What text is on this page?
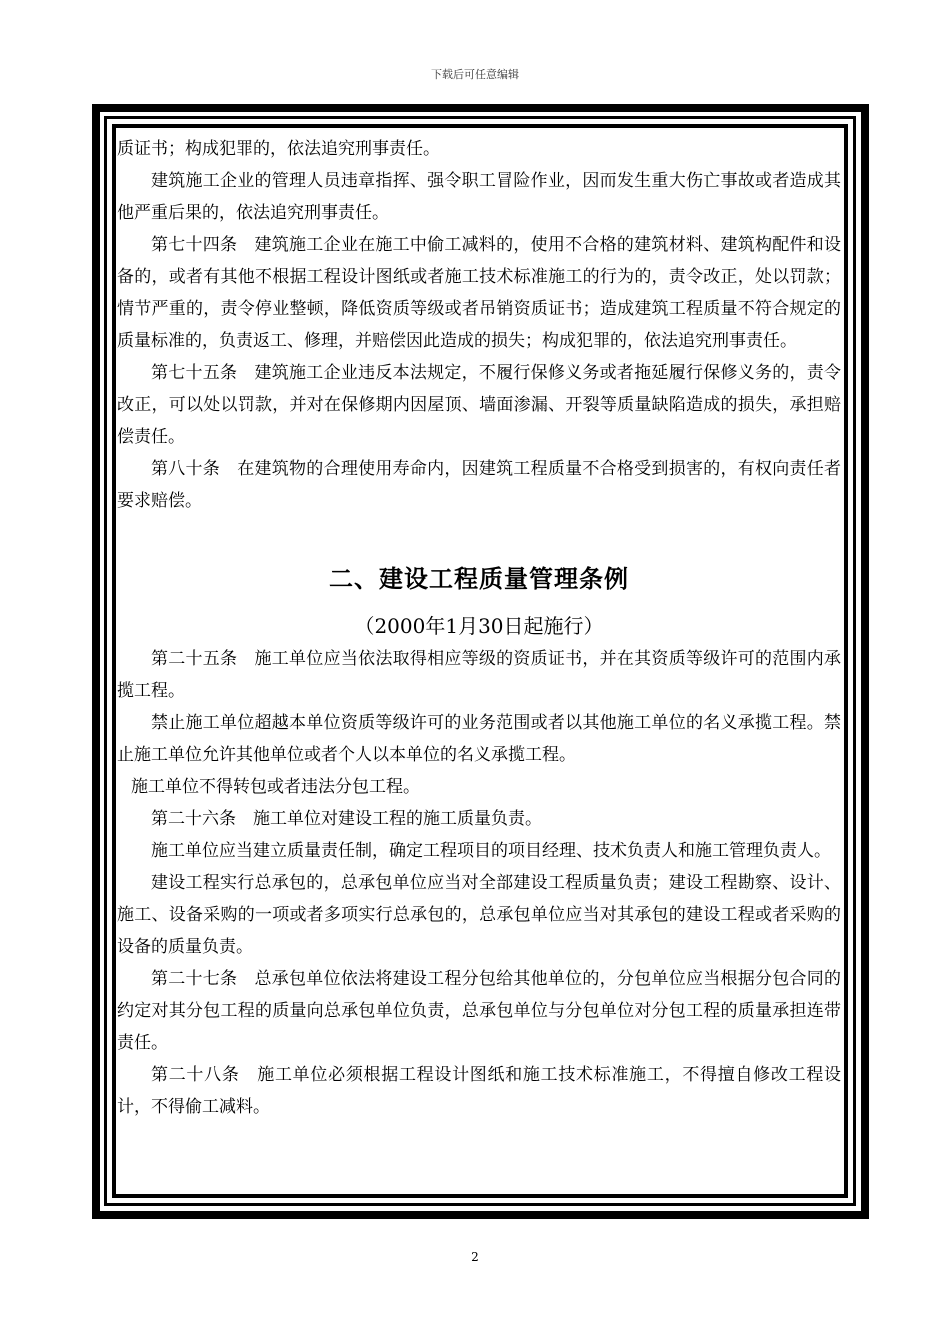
下载后可任意编辑

质证书；构成犯罪的，依法追究刑事责任。

建筑施工企业的管理人员违章指挥、强令职工冒险作业，因而发生重大伤亡事故或者造成其他严重后果的，依法追究刑事责任。

第七十四条　建筑施工企业在施工中偷工减料的，使用不合格的建筑材料、建筑构配件和设备的，或者有其他不根据工程设计图纸或者施工技术标准施工的行为的，责令改正，处以罚款；情节严重的，责令停业整顿，降低资质等级或者吊销资质证书；造成建筑工程质量不符合规定的质量标准的，负责返工、修理，并赔偿因此造成的损失；构成犯罪的，依法追究刑事责任。

第七十五条　建筑施工企业违反本法规定，不履行保修义务或者拖延履行保修义务的，责令改正，可以处以罚款，并对在保修期内因屋顶、墙面渗漏、开裂等质量缺陷造成的损失，承担赔偿责任。

第八十条　在建筑物的合理使用寿命内，因建筑工程质量不合格受到损害的，有权向责任者要求赔偿。

二、建设工程质量管理条例

（2000年1月30日起施行）

第二十五条　施工单位应当依法取得相应等级的资质证书，并在其资质等级许可的范围内承揽工程。

禁止施工单位超越本单位资质等级许可的业务范围或者以其他施工单位的名义承揽工程。禁止施工单位允许其他单位或者个人以本单位的名义承揽工程。

施工单位不得转包或者违法分包工程。

第二十六条　施工单位对建设工程的施工质量负责。

施工单位应当建立质量责任制，确定工程项目的项目经理、技术负责人和施工管理负责人。

建设工程实行总承包的，总承包单位应当对全部建设工程质量负责；建设工程勘察、设计、施工、设备采购的一项或者多项实行总承包的，总承包单位应当对其承包的建设工程或者采购的设备的质量负责。

第二十七条　总承包单位依法将建设工程分包给其他单位的，分包单位应当根据分包合同的约定对其分包工程的质量向总承包单位负责，总承包单位与分包单位对分包工程的质量承担连带责任。

第二十八条　施工单位必须根据工程设计图纸和施工技术标准施工，不得擅自修改工程设计，不得偷工减料。

2
